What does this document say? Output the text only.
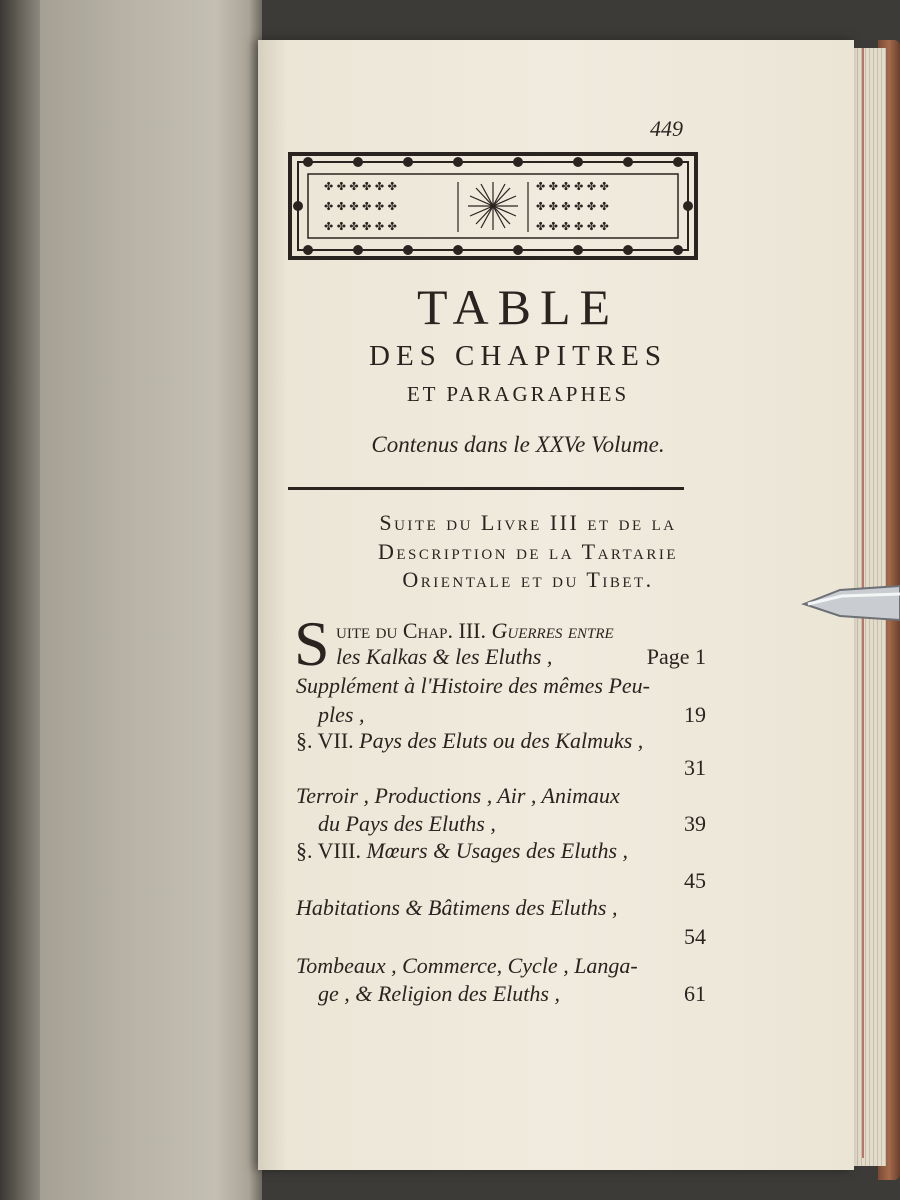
449
✤ ✤ ✤ ✤ ✤ ✤
✤ ✤ ✤ ✤ ✤ ✤
✤ ✤ ✤ ✤ ✤ ✤
✤ ✤ ✤ ✤ ✤ ✤
✤ ✤ ✤ ✤ ✤ ✤
✤ ✤ ✤ ✤ ✤ ✤
TABLE
DES CHAPITRES
ET PARAGRAPHES
Contenus dans le XXVe Volume.
Suite du Livre III et de la
Description de la Tartarie
Orientale et du Tibet.
S uite du Chap. III. Guerres entre
les Kalkas & les Eluths ,	Page 1
Supplément à l'Histoire des mêmes Peu-
ples ,	19
§. VII. Pays des Eluts ou des Kalmuks ,
31
Terroir , Productions , Air , Animaux
du Pays des Eluths ,	39
§. VIII. Mœurs & Usages des Eluths ,
45
Habitations & Bâtimens des Eluths ,
54
Tombeaux , Commerce, Cycle , Langa-
ge , & Religion des Eluths ,	61
